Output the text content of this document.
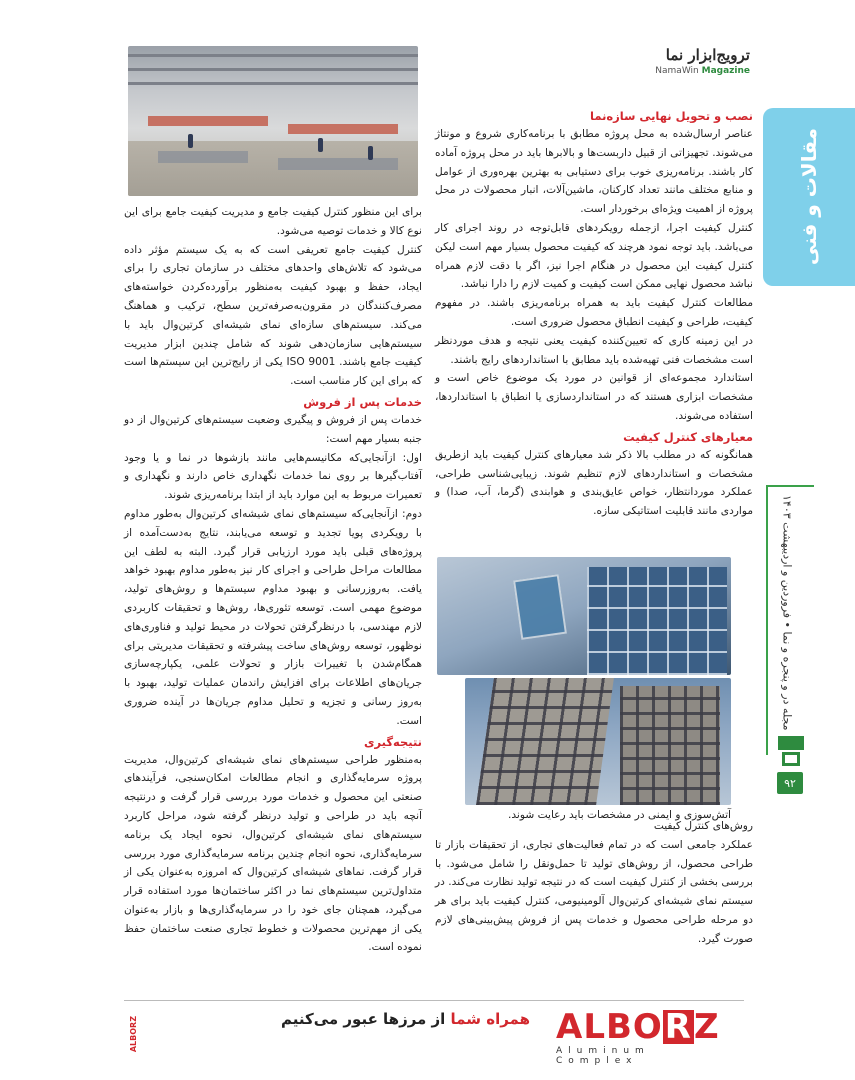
مقالات و فنی
مجله در و پنجره و نما • فروردین و اردیبهشت ۱۴۰۳
۹۲
ترویج‌ابزار نما
NamaWin Magazine
نصب و تحویل نهایی سازه‌نما

عناصر ارسال‌شده به محل پروژه مطابق با برنامه‌کاری شروع و مونتاژ می‌شوند. تجهیزاتی از قبیل داربست‌ها و بالابرها باید در محل پروژه آماده کار باشند. برنامه‌ریزی خوب برای دستیابی به بهترین بهره‌وری از عوامل و منابع مختلف مانند تعداد کارکنان، ماشین‌آلات، انبار محصولات در محل پروژه از اهمیت ویژه‌ای برخوردار است.

کنترل کیفیت اجرا، ازجمله رویکردهای قابل‌توجه در روند اجرای کار می‌باشد. باید توجه نمود هرچند که کیفیت محصول بسیار مهم است لیکن کنترل کیفیت این محصول در هنگام اجرا نیز، اگر با دقت لازم همراه نباشد محصول نهایی ممکن است کیفیت و کمیت لازم را دارا نباشد.

مطالعات کنترل کیفیت باید به همراه برنامه‌ریزی باشند. در مفهوم کیفیت، طراحی و کیفیت انطباق محصول ضروری است.

در این زمینه کاری که تعیین‌کننده کیفیت یعنی نتیجه و هدف موردنظر است مشخصات فنی تهیه‌شده باید مطابق با استانداردهای رایج باشند.

استاندارد مجموعه‌ای از قوانین در مورد یک موضوع خاص است و مشخصات ابزاری هستند که در استانداردسازی یا انطباق با استانداردها، استفاده می‌شوند.

معیارهای کنترل کیفیت

همانگونه که در مطلب بالا ذکر شد معیارهای کنترل کیفیت باید ازطریق مشخصات و استانداردهای لازم تنظیم شوند. زیبایی‌شناسی طراحی، عملکرد موردانتظار، خواص عایق‌بندی و هوابندی (گرما، آب، صدا) و مواردی مانند قابلیت استاتیکی سازه.

برای این منظور کنترل کیفیت جامع و مدیریت کیفیت جامع برای این نوع کالا و خدمات توصیه می‌شود.

کنترل کیفیت جامع تعریفی است که به یک سیستم مؤثر داده می‌شود که تلاش‌های واحدهای مختلف در سازمان تجاری را برای ایجاد، حفظ و بهبود کیفیت به‌منظور برآورده‌کردن خواسته‌های مصرف‌کنندگان در مقرون‌به‌صرفه‌ترین سطح، ترکیب و هماهنگ می‌کند. سیستم‌های سازه‌ای نمای شیشه‌ای کرتین‌وال باید با سیستم‌هایی سازمان‌دهی شوند که شامل چندین ابزار مدیریت کیفیت جامع باشند. ISO 9001 یکی از رایج‌ترین این سیستم‌ها است که برای این کار مناسب است.

خدمات پس از فروش

خدمات پس از فروش و پیگیری وضعیت سیستم‌های کرتین‌وال از دو جنبه بسیار مهم است:

اول: ازآنجایی‌که مکانیسم‌هایی مانند بازشوها در نما و یا وجود آفتاب‌گیرها بر روی نما خدمات نگهداری خاص دارند و نگهداری و تعمیرات مربوط به این موارد باید از ابتدا برنامه‌ریزی شوند.

دوم: ازآنجایی‌که سیستم‌های نمای شیشه‌ای کرتین‌وال به‌طور مداوم با رویکردی پویا تجدید و توسعه می‌یابند، نتایج به‌دست‌آمده از پروژه‌های قبلی باید مورد ارزیابی قرار گیرد. البته به لطف این مطالعات مراحل طراحی و اجرای کار نیز به‌طور مداوم بهبود خواهد یافت. به‌روزرسانی و بهبود مداوم سیستم‌ها و روش‌های تولید، موضوع مهمی است. توسعه تئوری‌ها، روش‌ها و تحقیقات کاربردی لازم مهندسی، با درنظرگرفتن تحولات در محیط تولید و فناوری‌های نوظهور، توسعه روش‌های ساخت پیشرفته و تحقیقات مدیریتی برای همگام‌شدن با تغییرات بازار و تحولات علمی، یکپارچه‌سازی جریان‌های اطلاعات برای افزایش راندمان عملیات تولید، بهبود با به‌روز رسانی و تجزیه و تحلیل مداوم جریان‌ها در آینده ضروری است.

نتیجه‌گیری

به‌منظور طراحی سیستم‌های نمای شیشه‌ای کرتین‌وال، مدیریت پروژه سرمایه‌گذاری و انجام مطالعات امکان‌سنجی، فرآیندهای صنعتی این محصول و خدمات مورد بررسی قرار گرفت و درنتیجه آنچه باید در طراحی و تولید درنظر گرفته شود، مراحل کاربرد سیستم‌های نمای شیشه‌ای کرتین‌وال، نحوه ایجاد یک برنامه سرمایه‌گذاری، نحوه انجام چندین برنامه سرمایه‌گذاری مورد بررسی قرار گرفت. نماهای شیشه‌ای کرتین‌وال که امروزه به‌عنوان یکی از متداول‌ترین سیستم‌های نما در اکثر ساختمان‌ها مورد استفاده قرار می‌گیرد، همچنان جای خود را در سرمایه‌گذاری‌ها و بازار به‌عنوان یکی از مهم‌ترین محصولات و خطوط تجاری صنعت ساختمان حفظ نموده است.

آتش‌سوزی و ایمنی در مشخصات باید رعایت شوند.

روش‌های کنترل کیفیت

عملکرد جامعی است که در تمام فعالیت‌های تجاری، از تحقیقات بازار تا طراحی محصول، از روش‌های تولید تا حمل‌ونقل را شامل می‌شود. با بررسی بخشی از کنترل کیفیت است که در نتیجه تولید نظارت می‌کند. در سیستم نمای شیشه‌ای کرتین‌وال آلومینیومی، کنترل کیفیت باید برای هر دو مرحله طراحی محصول و خدمات پس از فروش پیش‌بینی‌های لازم صورت گیرد.

ALBORZ
Aluminum Complex
همراه شما از مرزها عبور می‌کنیم
ALBORZ
